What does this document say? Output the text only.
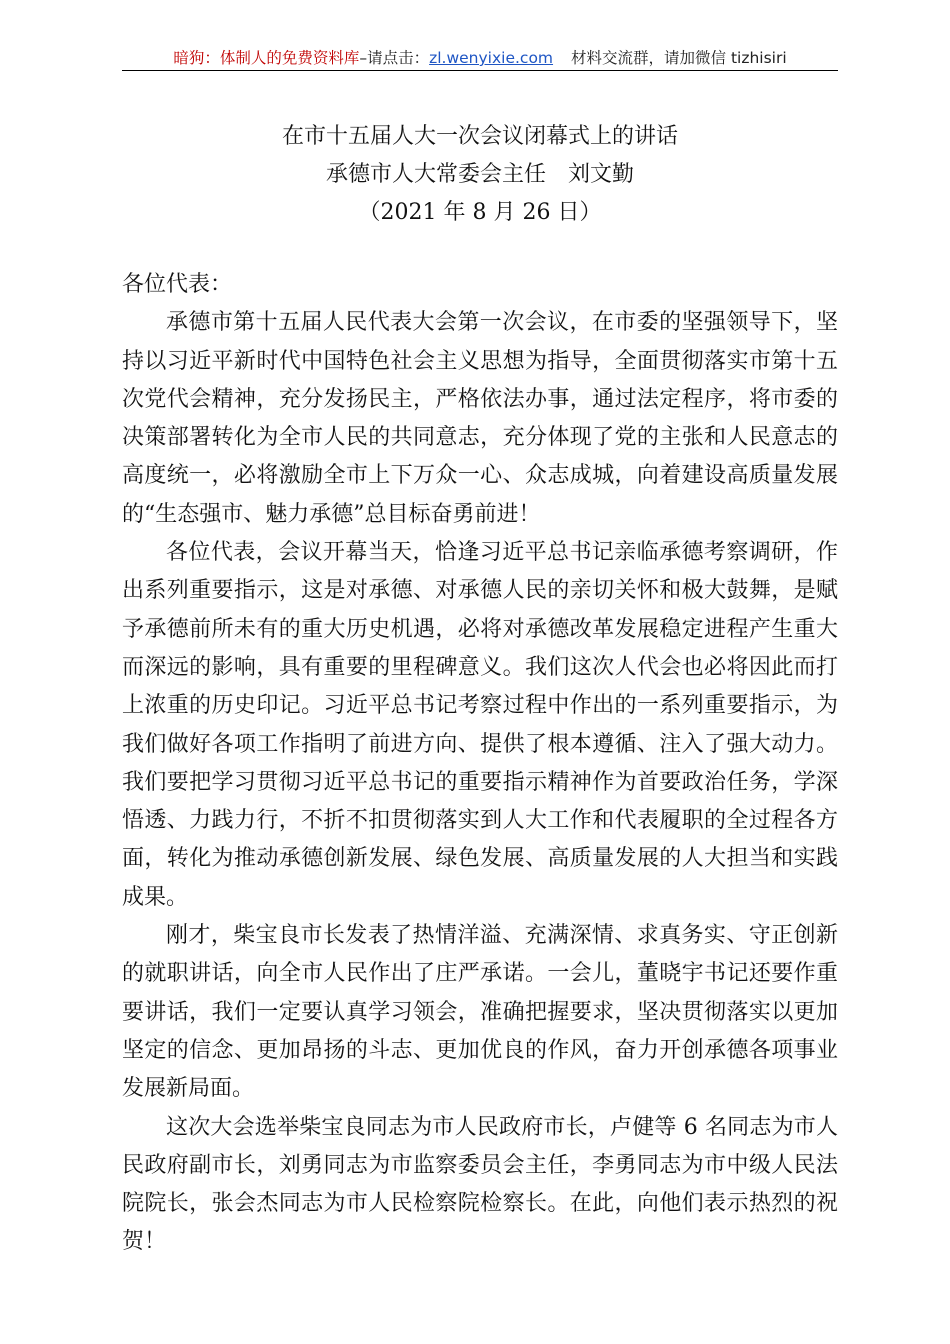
暗狗：体制人的免费资料库–请点击：zl.wenyixie.com 材料交流群，请加微信 tizhisiri
在市十五届人大一次会议闭幕式上的讲话
承德市人大常委会主任　刘文勤
（2021 年 8 月 26 日）

各位代表：

承德市第十五届人民代表大会第一次会议，在市委的坚强领导下，坚持以习近平新时代中国特色社会主义思想为指导，全面贯彻落实市第十五次党代会精神，充分发扬民主，严格依法办事，通过法定程序，将市委的决策部署转化为全市人民的共同意志，充分体现了党的主张和人民意志的高度统一，必将激励全市上下万众一心、众志成城，向着建设高质量发展的“生态强市、魅力承德”总目标奋勇前进！

各位代表，会议开幕当天，恰逢习近平总书记亲临承德考察调研，作出系列重要指示，这是对承德、对承德人民的亲切关怀和极大鼓舞，是赋予承德前所未有的重大历史机遇，必将对承德改革发展稳定进程产生重大而深远的影响，具有重要的里程碑意义。我们这次人代会也必将因此而打上浓重的历史印记。习近平总书记考察过程中作出的一系列重要指示，为我们做好各项工作指明了前进方向、提供了根本遵循、注入了强大动力。我们要把学习贯彻习近平总书记的重要指示精神作为首要政治任务，学深悟透、力践力行，不折不扣贯彻落实到人大工作和代表履职的全过程各方面，转化为推动承德创新发展、绿色发展、高质量发展的人大担当和实践成果。

刚才，柴宝良市长发表了热情洋溢、充满深情、求真务实、守正创新的就职讲话，向全市人民作出了庄严承诺。一会儿，董晓宇书记还要作重要讲话，我们一定要认真学习领会，准确把握要求，坚决贯彻落实以更加坚定的信念、更加昂扬的斗志、更加优良的作风，奋力开创承德各项事业发展新局面。

这次大会选举柴宝良同志为市人民政府市长，卢健等 6 名同志为市人民政府副市长，刘勇同志为市监察委员会主任，李勇同志为市中级人民法院院长，张会杰同志为市人民检察院检察长。在此，向他们表示热烈的祝贺！
